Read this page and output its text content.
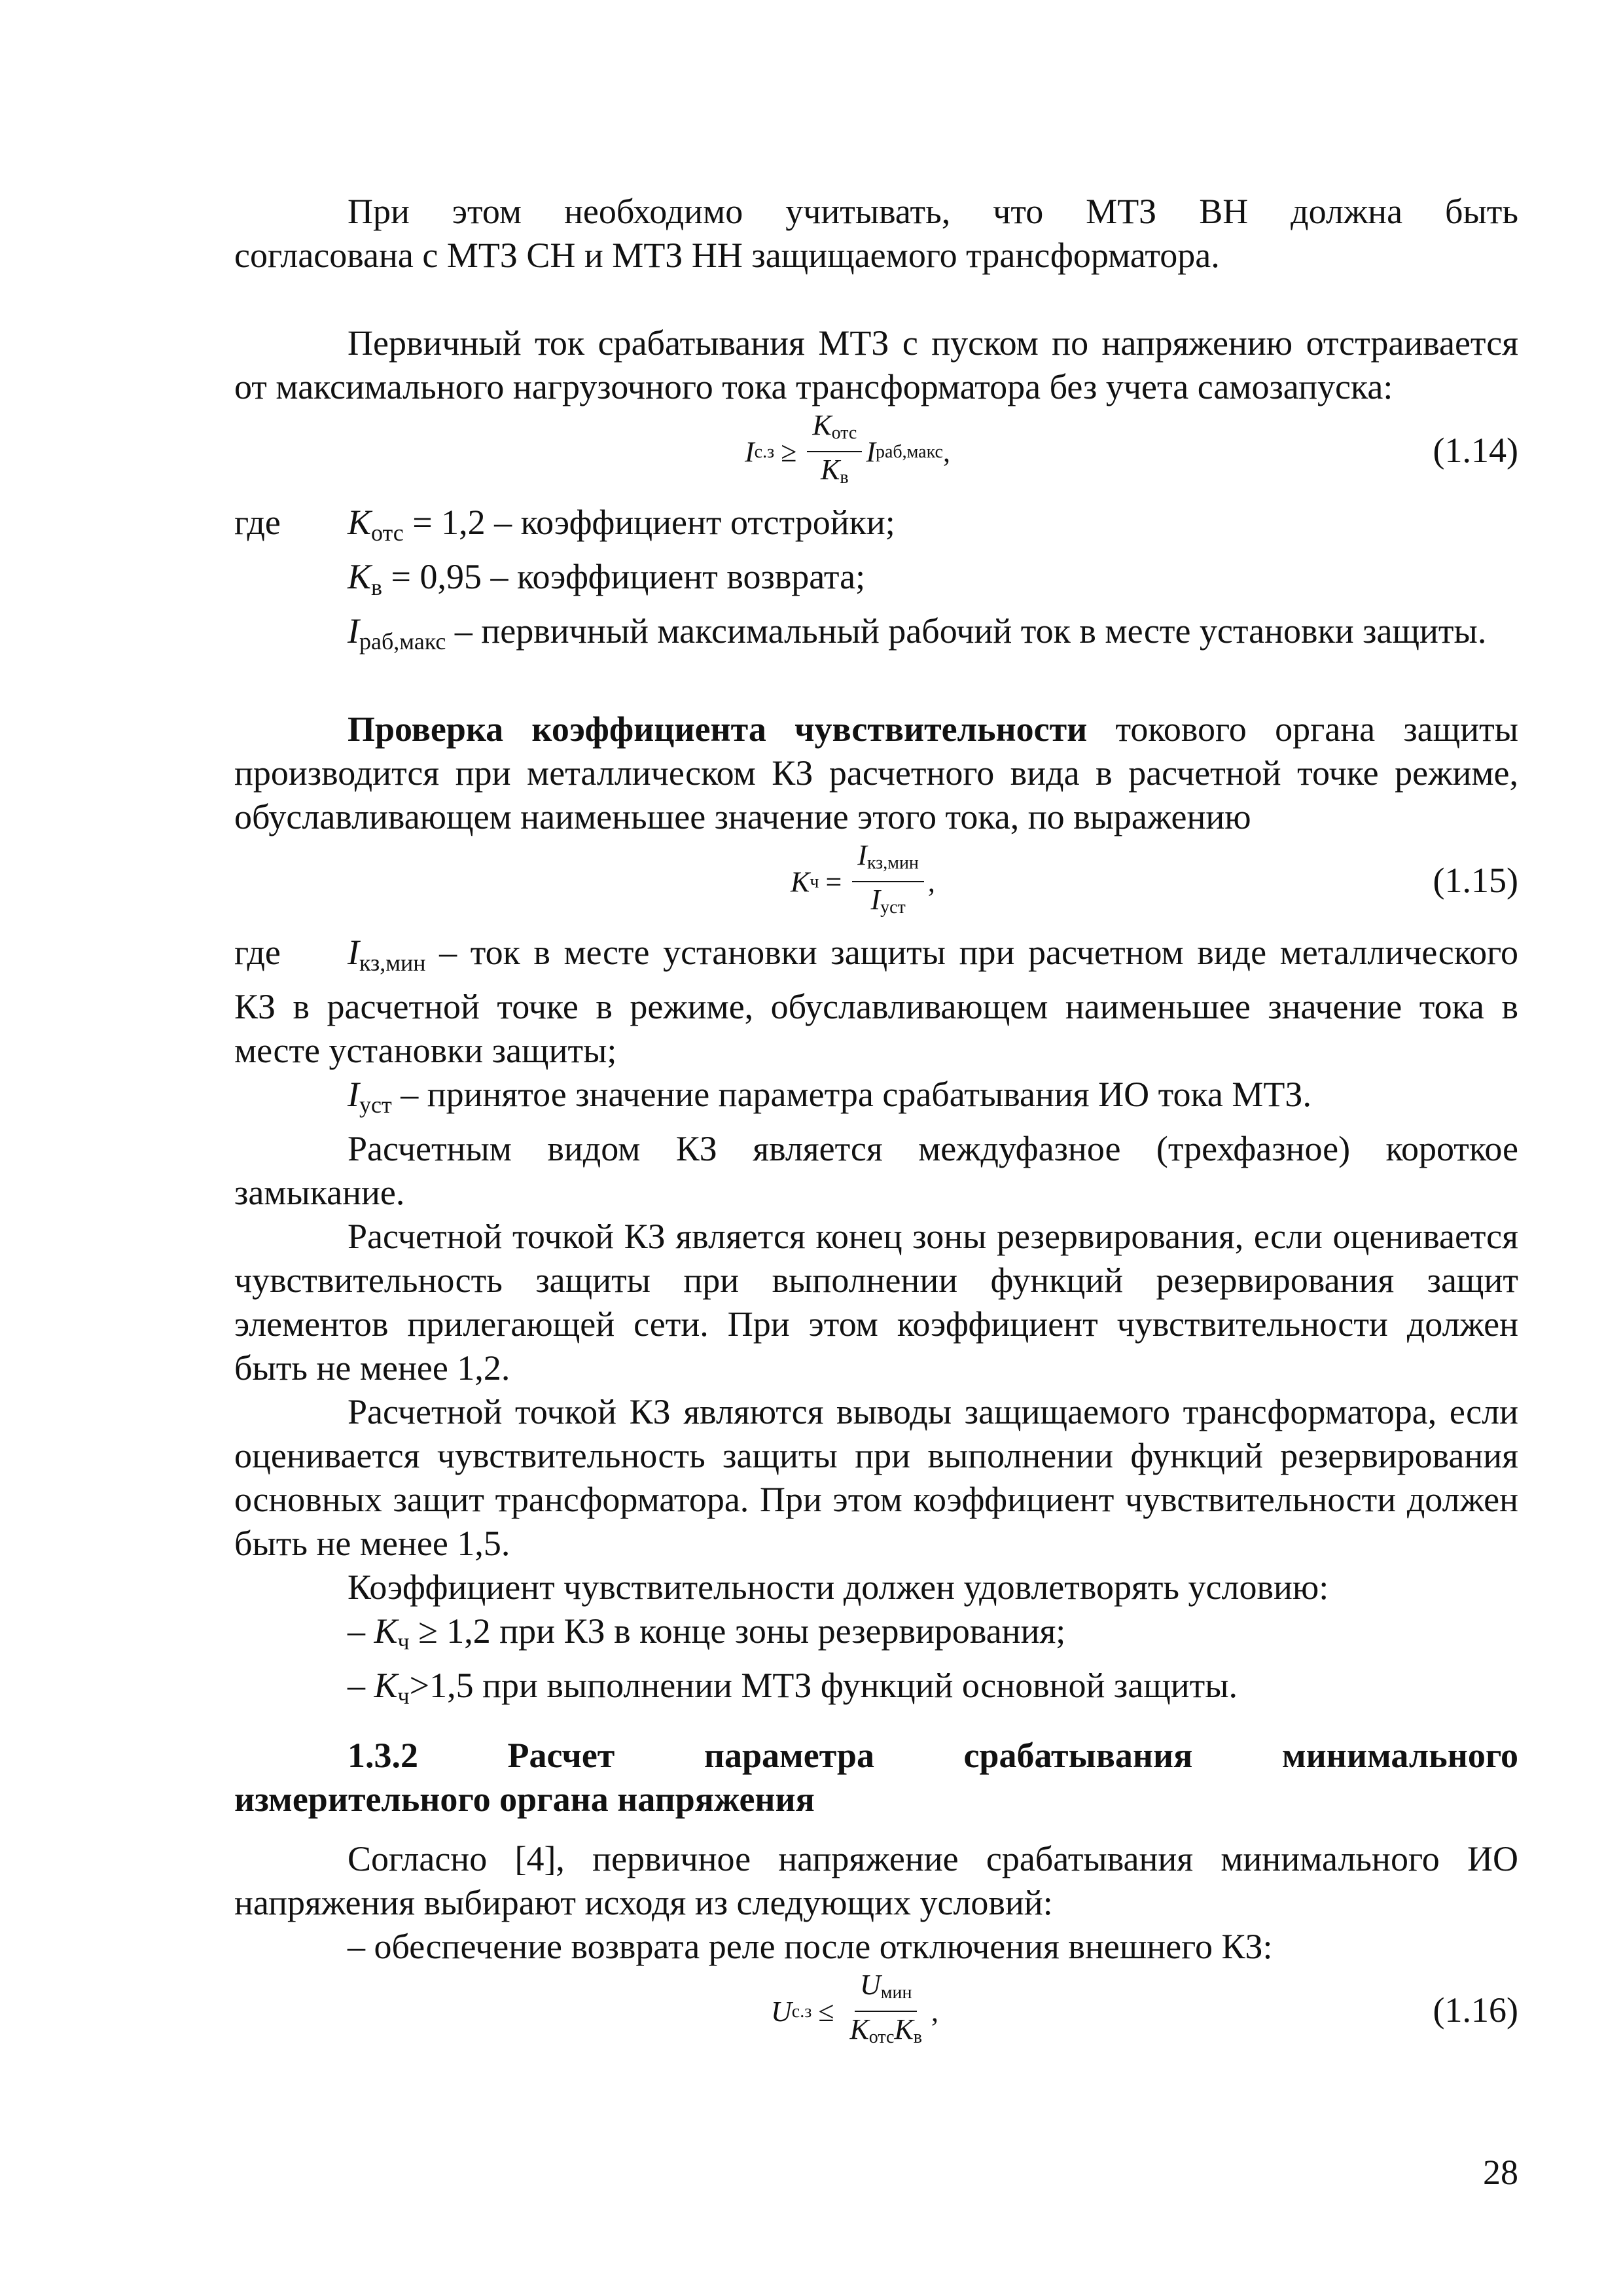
При этом необходимо учитывать, что МТЗ ВН должна быть

согласована с МТЗ СН и МТЗ НН защищаемого трансформатора.

Первичный ток срабатывания МТЗ с пуском по напряжению отстраивается от максимального нагрузочного тока трансформатора без учета самозапуска:

I $с.з \ge \frac{\text{Kотс}}{Kв}$ I раб,макс ,	(1.14)

где	$K_{отс} = 1,2$ – коэффициент отстройки;

$K_в = 0,95$ – коэффициент возврата;

$I_{раб,макс}$ – первичный максимальный рабочий ток в месте установки защиты.

Проверка коэффициента чувствительности токового органа защиты производится при металлическом КЗ расчетного вида в расчетной точке режиме, обуславливающем наименьшее значение этого тока, по выражению

K $ч = \frac{\text{Iкз,мин}}{\text{Iуст}}$ ,	(1.15)

где $I_{кз,мин}$ – ток в месте установки защиты при расчетном виде металлического КЗ в расчетной точке в режиме, обуславливающем наименьшее значение тока в месте установки защиты;

$I_{уст}$ – принятое значение параметра срабатывания ИО тока МТЗ.

Расчетным видом КЗ является междуфазное (трехфазное) короткое замыкание.

Расчетной точкой КЗ является конец зоны резервирования, если оценивается чувствительность защиты при выполнении функций резервирования защит элементов прилегающей сети. При этом коэффициент чувствительности должен быть не менее 1,2.

Расчетной точкой КЗ являются выводы защищаемого трансформатора, если оценивается чувствительность защиты при выполнении функций резервирования основных защит трансформатора. При этом коэффициент чувствительности должен быть не менее 1,5.

Коэффициент чувствительности должен удовлетворять условию:

– $K_ч \ge 1,2$ при КЗ в конце зоны резервирования;

– $K_ч>1,5$ при выполнении МТЗ функций основной защиты.

1.3.2 Расчет параметра срабатывания минимального

измерительного органа напряжения

Согласно [4], первичное напряжение срабатывания минимального ИО напряжения выбирают исходя из следующих условий:

– обеспечение возврата реле после отключения внешнего КЗ:

U $с.з \le \frac{\text{Uмин}}{\text{KотсKв}}$ ,	(1.16)
28
